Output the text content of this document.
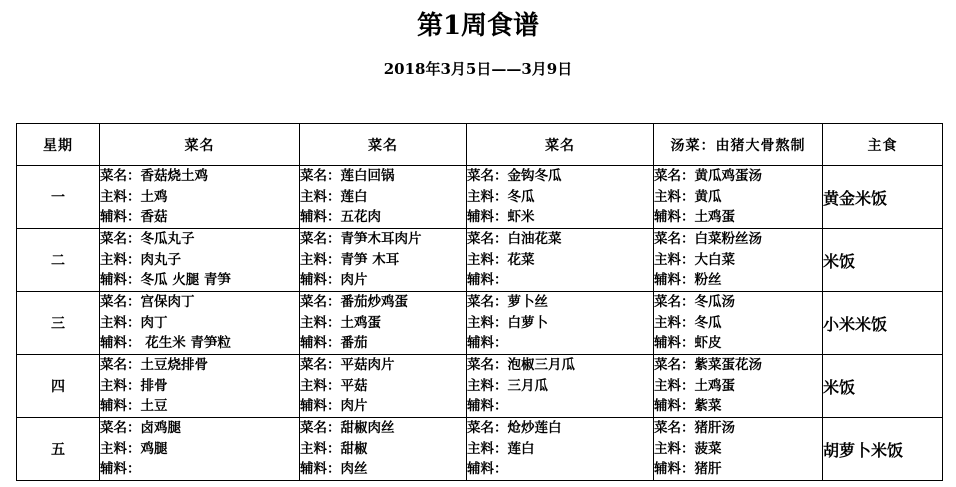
第1周食谱
2018年3月5日——3月9日
星期	菜名	菜名	菜名	汤菜：由猪大骨熬制	主食
一	菜名：香菇烧土鸡
主料：土鸡
辅料：香菇	菜名：莲白回锅
主料：莲白
辅料：五花肉	菜名：金钩冬瓜
主料：冬瓜
辅料：虾米	菜名：黄瓜鸡蛋汤
主料：黄瓜
辅料：土鸡蛋	黄金米饭
二	菜名：冬瓜丸子
主料：肉丸子
辅料：冬瓜 火腿 青笋	菜名：青笋木耳肉片
主料：青笋 木耳
辅料：肉片	菜名：白油花菜
主料：花菜
辅料：	菜名：白菜粉丝汤
主料：大白菜
辅料：粉丝	米饭
三	菜名：宫保肉丁
主料：肉丁
辅料： 花生米 青笋粒	菜名：番茄炒鸡蛋
主料：土鸡蛋
辅料：番茄	菜名：萝卜丝
主料：白萝卜
辅料：	菜名：冬瓜汤
主料：冬瓜
辅料：虾皮	小米米饭
四	菜名：土豆烧排骨
主料：排骨
辅料：土豆	菜名：平菇肉片
主料：平菇
辅料：肉片	菜名：泡椒三月瓜
主料：三月瓜
辅料：	菜名：紫菜蛋花汤
主料：土鸡蛋
辅料：紫菜	米饭
五	菜名：卤鸡腿
主料：鸡腿
辅料：	菜名：甜椒肉丝
主料：甜椒
辅料：肉丝	菜名：炝炒莲白
主料：莲白
辅料：	菜名：猪肝汤
主料：菠菜
辅料：猪肝	胡萝卜米饭
